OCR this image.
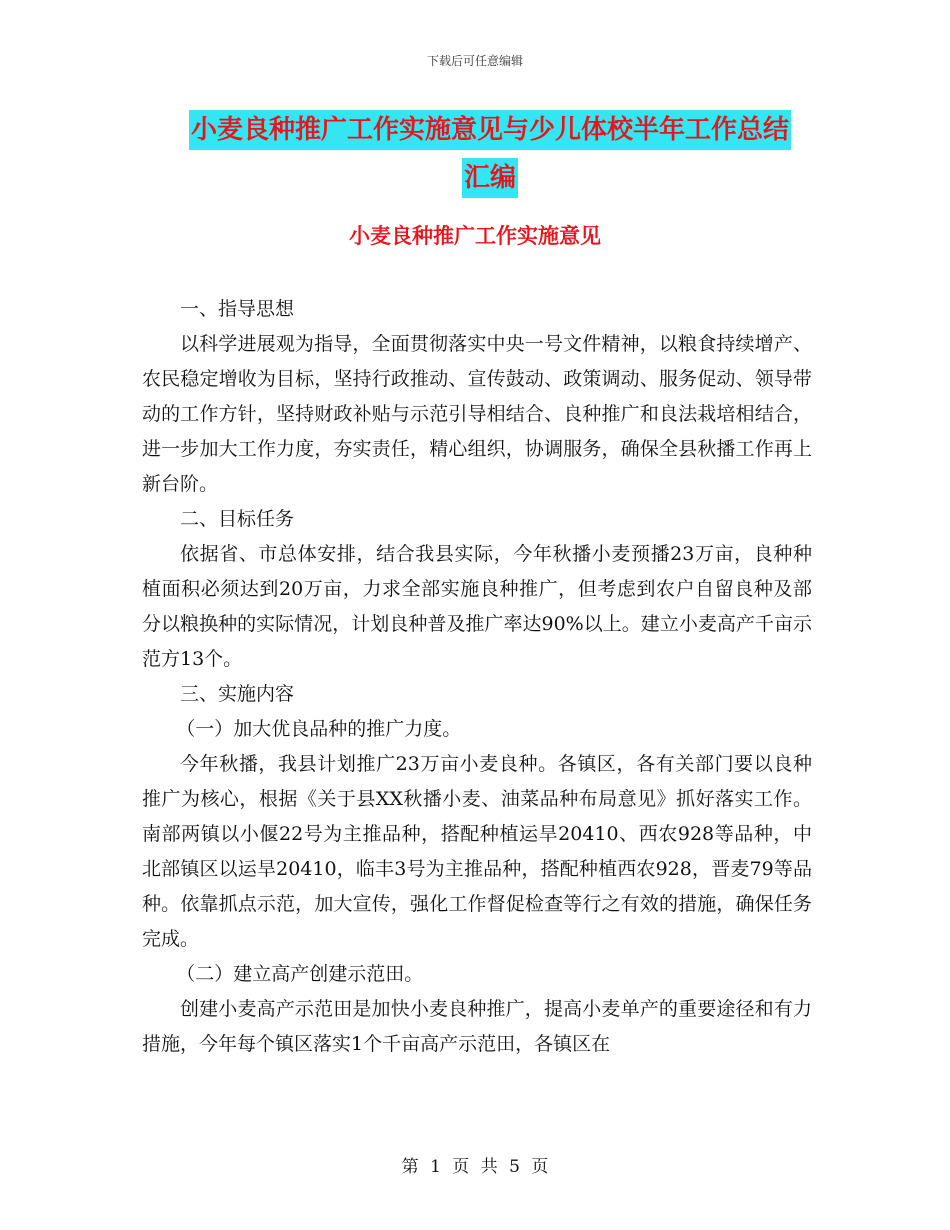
下载后可任意编辑
小麦良种推广工作实施意见与少儿体校半年工作总结
汇编
小麦良种推广工作实施意见

一、指导思想

以科学进展观为指导，全面贯彻落实中央一号文件精神，以粮食持续增产、农民稳定增收为目标，坚持行政推动、宣传鼓动、政策调动、服务促动、领导带动的工作方针，坚持财政补贴与示范引导相结合、良种推广和良法栽培相结合，进一步加大工作力度，夯实责任，精心组织，协调服务，确保全县秋播工作再上新台阶。

二、目标任务

依据省、市总体安排，结合我县实际，今年秋播小麦预播23万亩，良种种植面积必须达到20万亩，力求全部实施良种推广，但考虑到农户自留良种及部分以粮换种的实际情况，计划良种普及推广率达90%以上。建立小麦高产千亩示范方13个。

三、实施内容

（一）加大优良品种的推广力度。

今年秋播，我县计划推广23万亩小麦良种。各镇区，各有关部门要以良种推广为核心，根据《关于县XX秋播小麦、油菜品种布局意见》抓好落实工作。南部两镇以小偃22号为主推品种，搭配种植运旱20410、西农928等品种，中北部镇区以运旱20410，临丰3号为主推品种，搭配种植西农928，晋麦79等品种。依靠抓点示范，加大宣传，强化工作督促检查等行之有效的措施，确保任务完成。

（二）建立高产创建示范田。

创建小麦高产示范田是加快小麦良种推广，提高小麦单产的重要途径和有力措施，今年每个镇区落实1个千亩高产示范田，各镇区在

第 1 页 共 5 页
